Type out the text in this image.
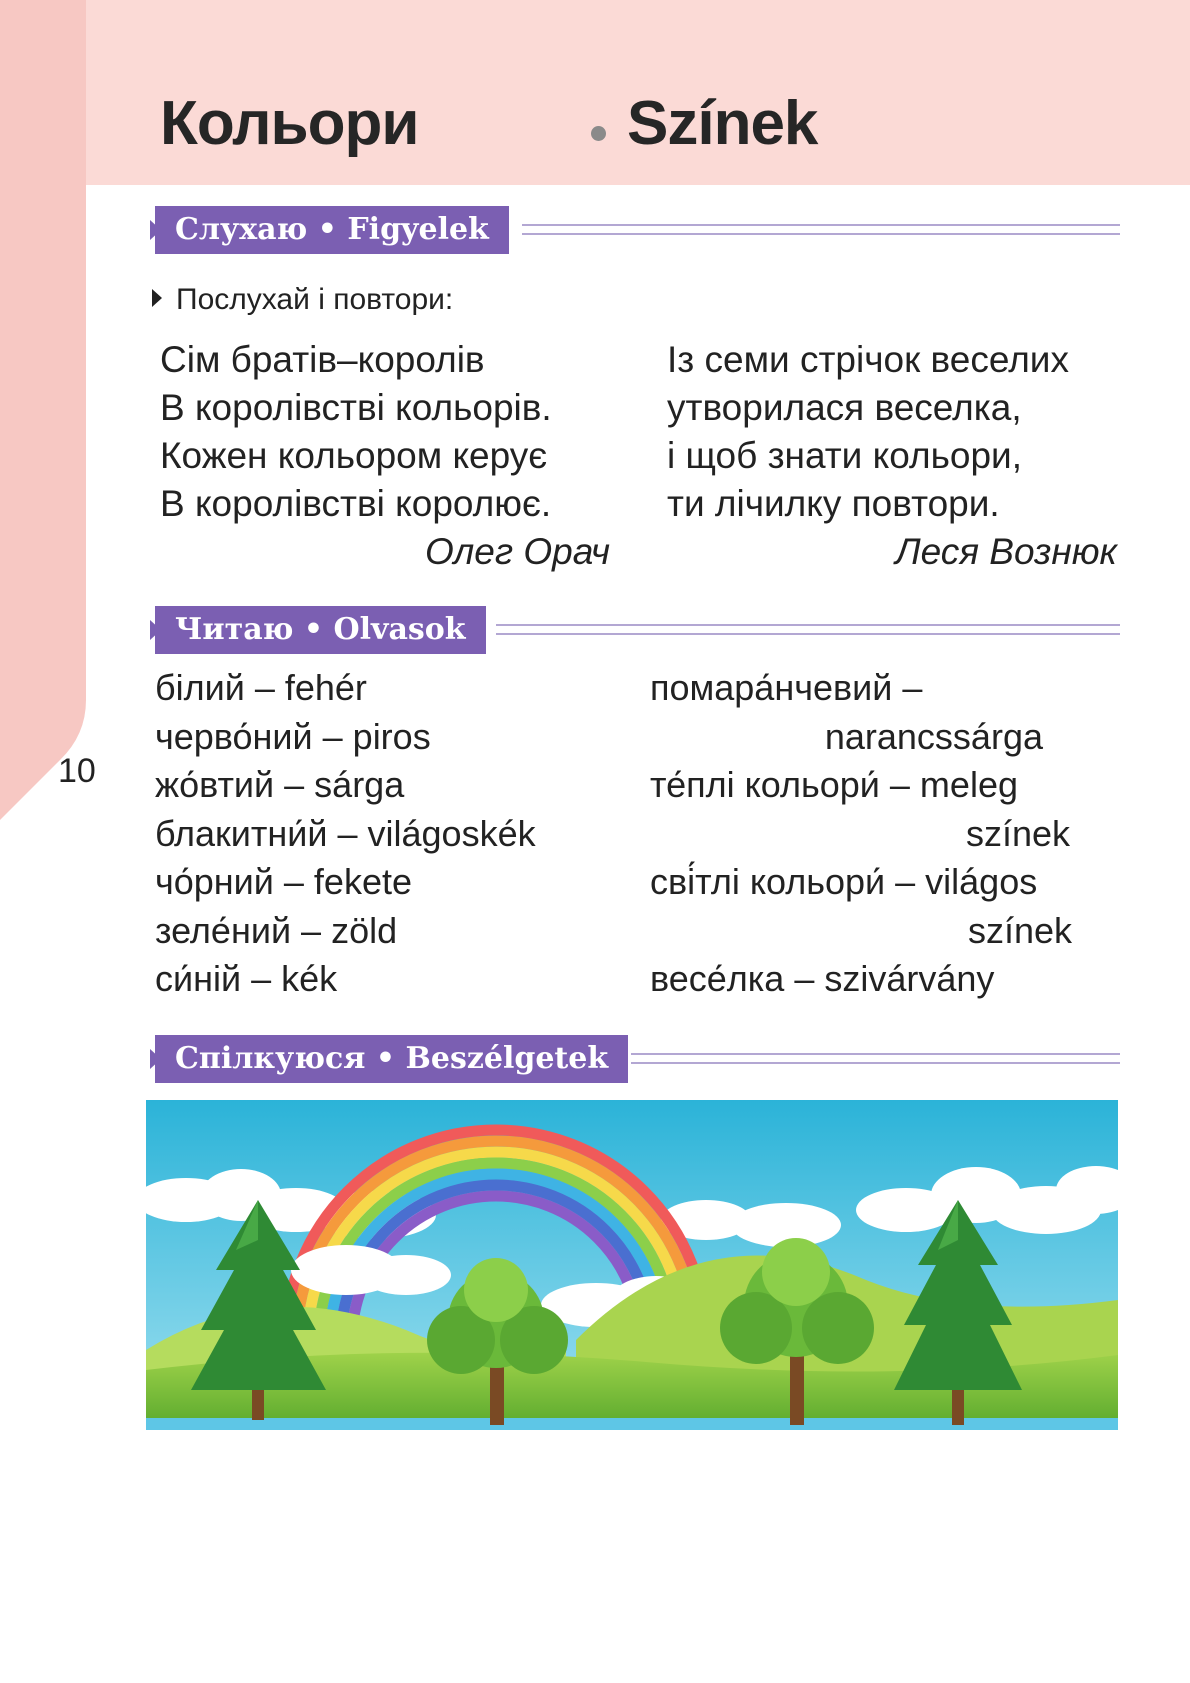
Кольори	Színek
10
Слухаю • Figyelek
Послухай і повтори:
Сім братів–королів
В королівстві кольорів.
Кожен кольором керує
В королівстві королює.
Олег Орач
Із семи стрічок веселих
утворилася веселка,
і щоб знати кольори,
ти лічилку повтори.
Леся Вознюк
Читаю • Olvasok
білий – fehér
черво́ний – piros
жо́втий – sárga
блакитни́й – világoskék
чо́рний – fekete
зеле́ний – zöld
си́ній – kék
помара́нчевий –
narancssárga
те́плі кольори́ – meleg
színek
сві́тлі кольори́ – világos
színek
весе́лка – szivárvány
Спілкуюся • Beszélgetek
